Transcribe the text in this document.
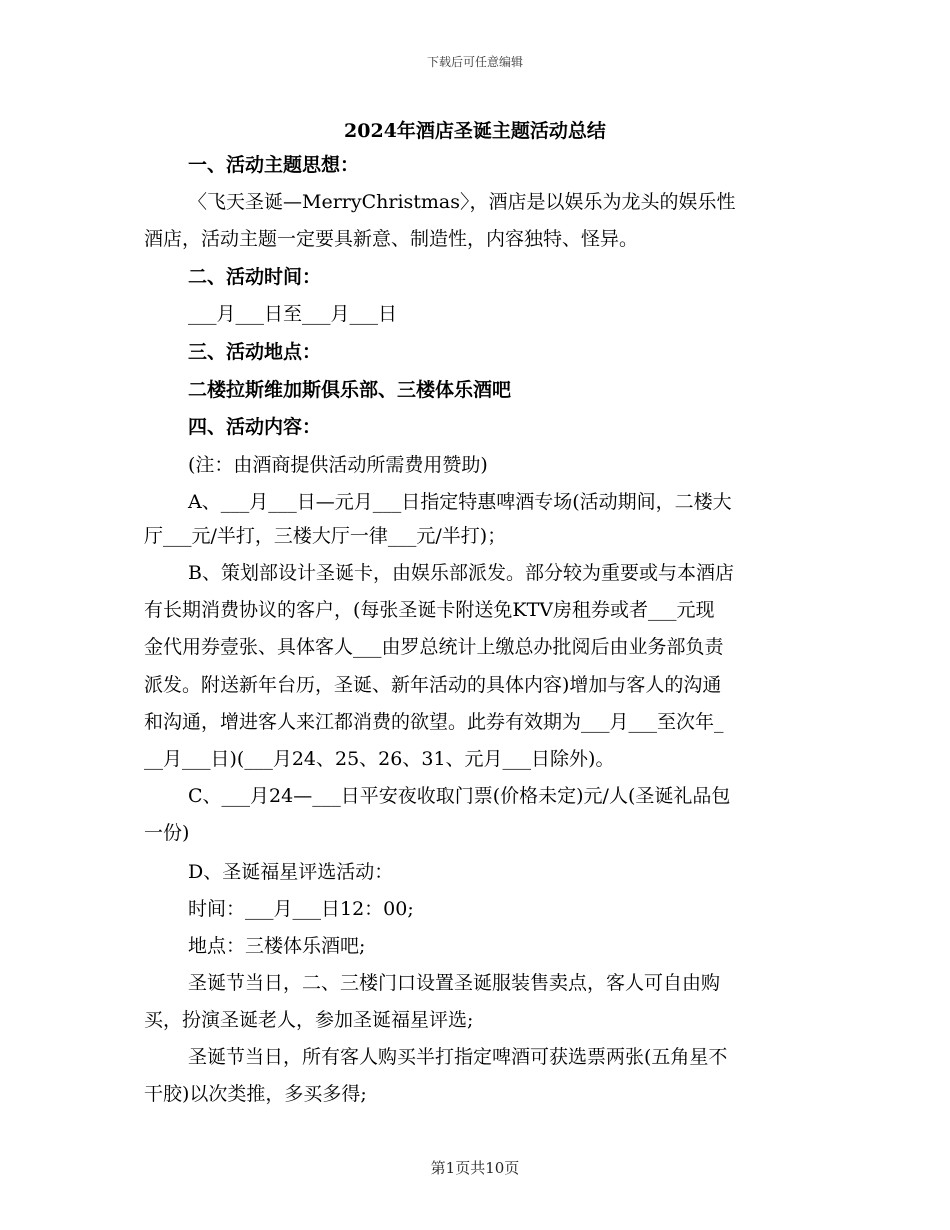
下载后可任意编辑
2024年酒店圣诞主题活动总结
一、活动主题思想：
〈飞天圣诞—MerryChristmas〉，酒店是以娱乐为龙头的娱乐性
酒店，活动主题一定要具新意、制造性，内容独特、怪异。
二、活动时间：
___月___日至___月___日
三、活动地点：
二楼拉斯维加斯俱乐部、三楼体乐酒吧
四、活动内容：
(注：由酒商提供活动所需费用赞助)
A、___月___日—元月___日指定特惠啤酒专场(活动期间，二楼大
厅___元/半打，三楼大厅一律___元/半打)；
B、策划部设计圣诞卡，由娱乐部派发。部分较为重要或与本酒店
有长期消费协议的客户，(每张圣诞卡附送免KTV房租券或者___元现
金代用券壹张、具体客人___由罗总统计上缴总办批阅后由业务部负责
派发。附送新年台历，圣诞、新年活动的具体内容)增加与客人的沟通
和沟通，增进客人来江都消费的欲望。此券有效期为___月___至次年_
__月___日)(___月24、25、26、31、元月___日除外)。
C、___月24—___日平安夜收取门票(价格未定)元/人(圣诞礼品包
一份)
D、圣诞福星评选活动：
时间：___月___日12：00;
地点：三楼体乐酒吧;
圣诞节当日，二、三楼门口设置圣诞服装售卖点，客人可自由购
买，扮演圣诞老人，参加圣诞福星评选;
圣诞节当日，所有客人购买半打指定啤酒可获选票两张(五角星不
干胶)以次类推，多买多得;
第1页共10页
